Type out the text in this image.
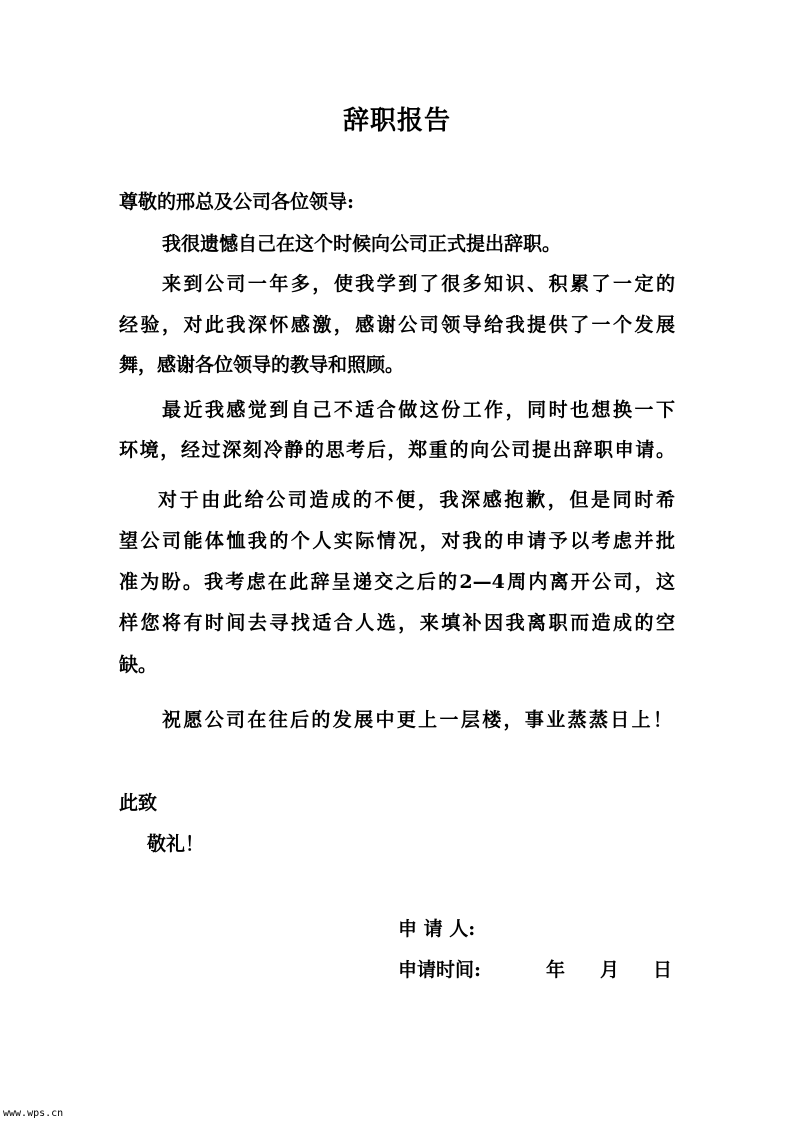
辞职报告
尊敬的邢总及公司各位领导:
我很遗憾自己在这个时候向公司正式提出辞职。
来到公司一年多，使我学到了很多知识、积累了一定的
经验，对此我深怀感激，感谢公司领导给我提供了一个发展
舞，感谢各位领导的教导和照顾。
最近我感觉到自己不适合做这份工作，同时也想换一下
环境，经过深刻冷静的思考后，郑重的向公司提出辞职申请。
对于由此给公司造成的不便，我深感抱歉，但是同时希
望公司能体恤我的个人实际情况，对我的申请予以考虑并批
准为盼。我考虑在此辞呈递交之后的2—4周内离开公司，这
样您将有时间去寻找适合人选，来填补因我离职而造成的空
缺。
祝愿公司在往后的发展中更上一层楼，事业蒸蒸日上！
此致
敬礼！
申 请 人:
申请时间:	年 月 日
www.wps.cn
